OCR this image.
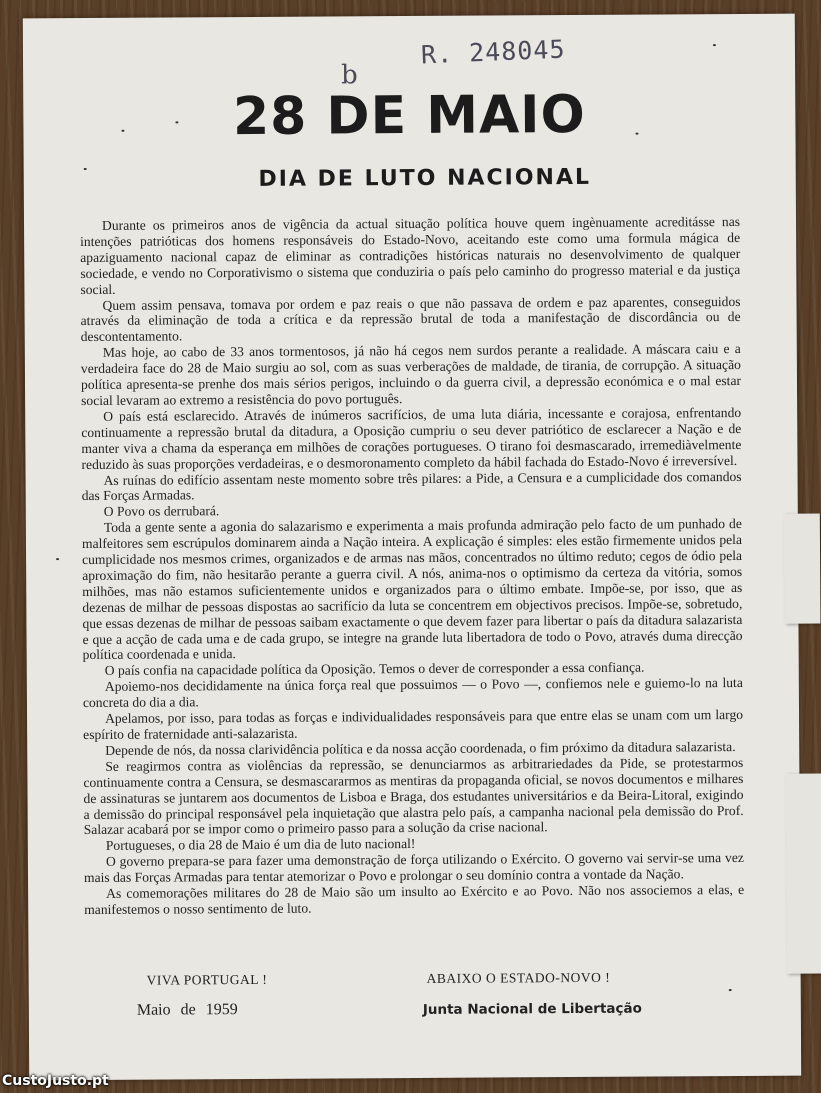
R. 248045
b
28 DE MAIO
DIA DE LUTO NACIONAL

Durante os primeiros anos de vigência da actual situação política houve quem ingènuamente acreditásse nas intenções patrióticas dos homens responsáveis do Estado-Novo, aceitando este como uma formula mágica de apaziguamento nacional capaz de eliminar as contradições históricas naturais no desenvolvimento de qualquer sociedade, e vendo no Corporativismo o sistema que conduziria o país pelo caminho do progresso material e da justiça social.

Quem assim pensava, tomava por ordem e paz reais o que não passava de ordem e paz aparentes, conseguidos através da eliminação de toda a crítica e da repressão brutal de toda a manifestação de discordância ou de descontentamento.

Mas hoje, ao cabo de 33 anos tormentosos, já não há cegos nem surdos perante a realidade. A máscara caiu e a verdadeira face do 28 de Maio surgiu ao sol, com as suas verberações de maldade, de tirania, de corrupção. A situação política apresenta-se prenhe dos mais sérios perigos, incluindo o da guerra civil, a depressão económica e o mal estar social levaram ao extremo a resistência do povo português.

O país está esclarecido. Através de inúmeros sacrifícios, de uma luta diária, incessante e corajosa, enfrentando continuamente a repressão brutal da ditadura, a Oposição cumpriu o seu dever patriótico de esclarecer a Nação e de manter viva a chama da esperança em milhões de corações portugueses. O tirano foi desmascarado, irremediàvelmente reduzido às suas proporções verdadeiras, e o desmoronamento completo da hábil fachada do Estado-Novo é irreversível.

As ruínas do edifício assentam neste momento sobre três pilares: a Pide, a Censura e a cumplicidade dos comandos das Forças Armadas.

O Povo os derrubará.

Toda a gente sente a agonia do salazarismo e experimenta a mais profunda admiração pelo facto de um punhado de malfeitores sem escrúpulos dominarem ainda a Nação inteira. A explicação é simples: eles estão firmemente unidos pela cumplicidade nos mesmos crimes, organizados e de armas nas mãos, concentrados no último reduto; cegos de ódio pela aproximação do fim, não hesitarão perante a guerra civil. A nós, anima-nos o optimismo da certeza da vitória, somos milhões, mas não estamos suficientemente unidos e organizados para o último embate. Impõe-se, por isso, que as dezenas de milhar de pessoas dispostas ao sacrifício da luta se concentrem em objectivos precisos. Impõe-se, sobretudo, que essas dezenas de milhar de pessoas saibam exactamente o que devem fazer para libertar o país da ditadura salazarista e que a acção de cada uma e de cada grupo, se integre na grande luta libertadora de todo o Povo, através duma direcção política coordenada e unida.

O país confia na capacidade política da Oposição. Temos o dever de corresponder a essa confiança.

Apoiemo-nos decididamente na única força real que possuimos — o Povo —, confiemos nele e guiemo-lo na luta concreta do dia a dia.

Apelamos, por isso, para todas as forças e individualidades responsáveis para que entre elas se unam com um largo espírito de fraternidade anti-salazarista.

Depende de nós, da nossa clarividência política e da nossa acção coordenada, o fim próximo da ditadura salazarista.

Se reagirmos contra as violências da repressão, se denunciarmos as arbitrariedades da Pide, se protestarmos continuamente contra a Censura, se desmascararmos as mentiras da propaganda oficial, se novos documentos e milhares de assinaturas se juntarem aos documentos de Lisboa e Braga, dos estudantes universitários e da Beira-Litoral, exigindo a demissão do principal responsável pela inquietação que alastra pelo país, a campanha nacional pela demissão do Prof. Salazar acabará por se impor como o primeiro passo para a solução da crise nacional.

Portugueses, o dia 28 de Maio é um dia de luto nacional!

O governo prepara-se para fazer uma demonstração de força utilizando o Exército. O governo vai servir-se uma vez mais das Forças Armadas para tentar atemorizar o Povo e prolongar o seu domínio contra a vontade da Nação.

As comemorações militares do 28 de Maio são um insulto ao Exército e ao Povo. Não nos associemos a elas, e manifestemos o nosso sentimento de luto.

VIVA PORTUGAL !	ABAIXO O ESTADO-NOVO !
Maio de 1959	Junta Nacional de Libertação
CustoJusto.pt
